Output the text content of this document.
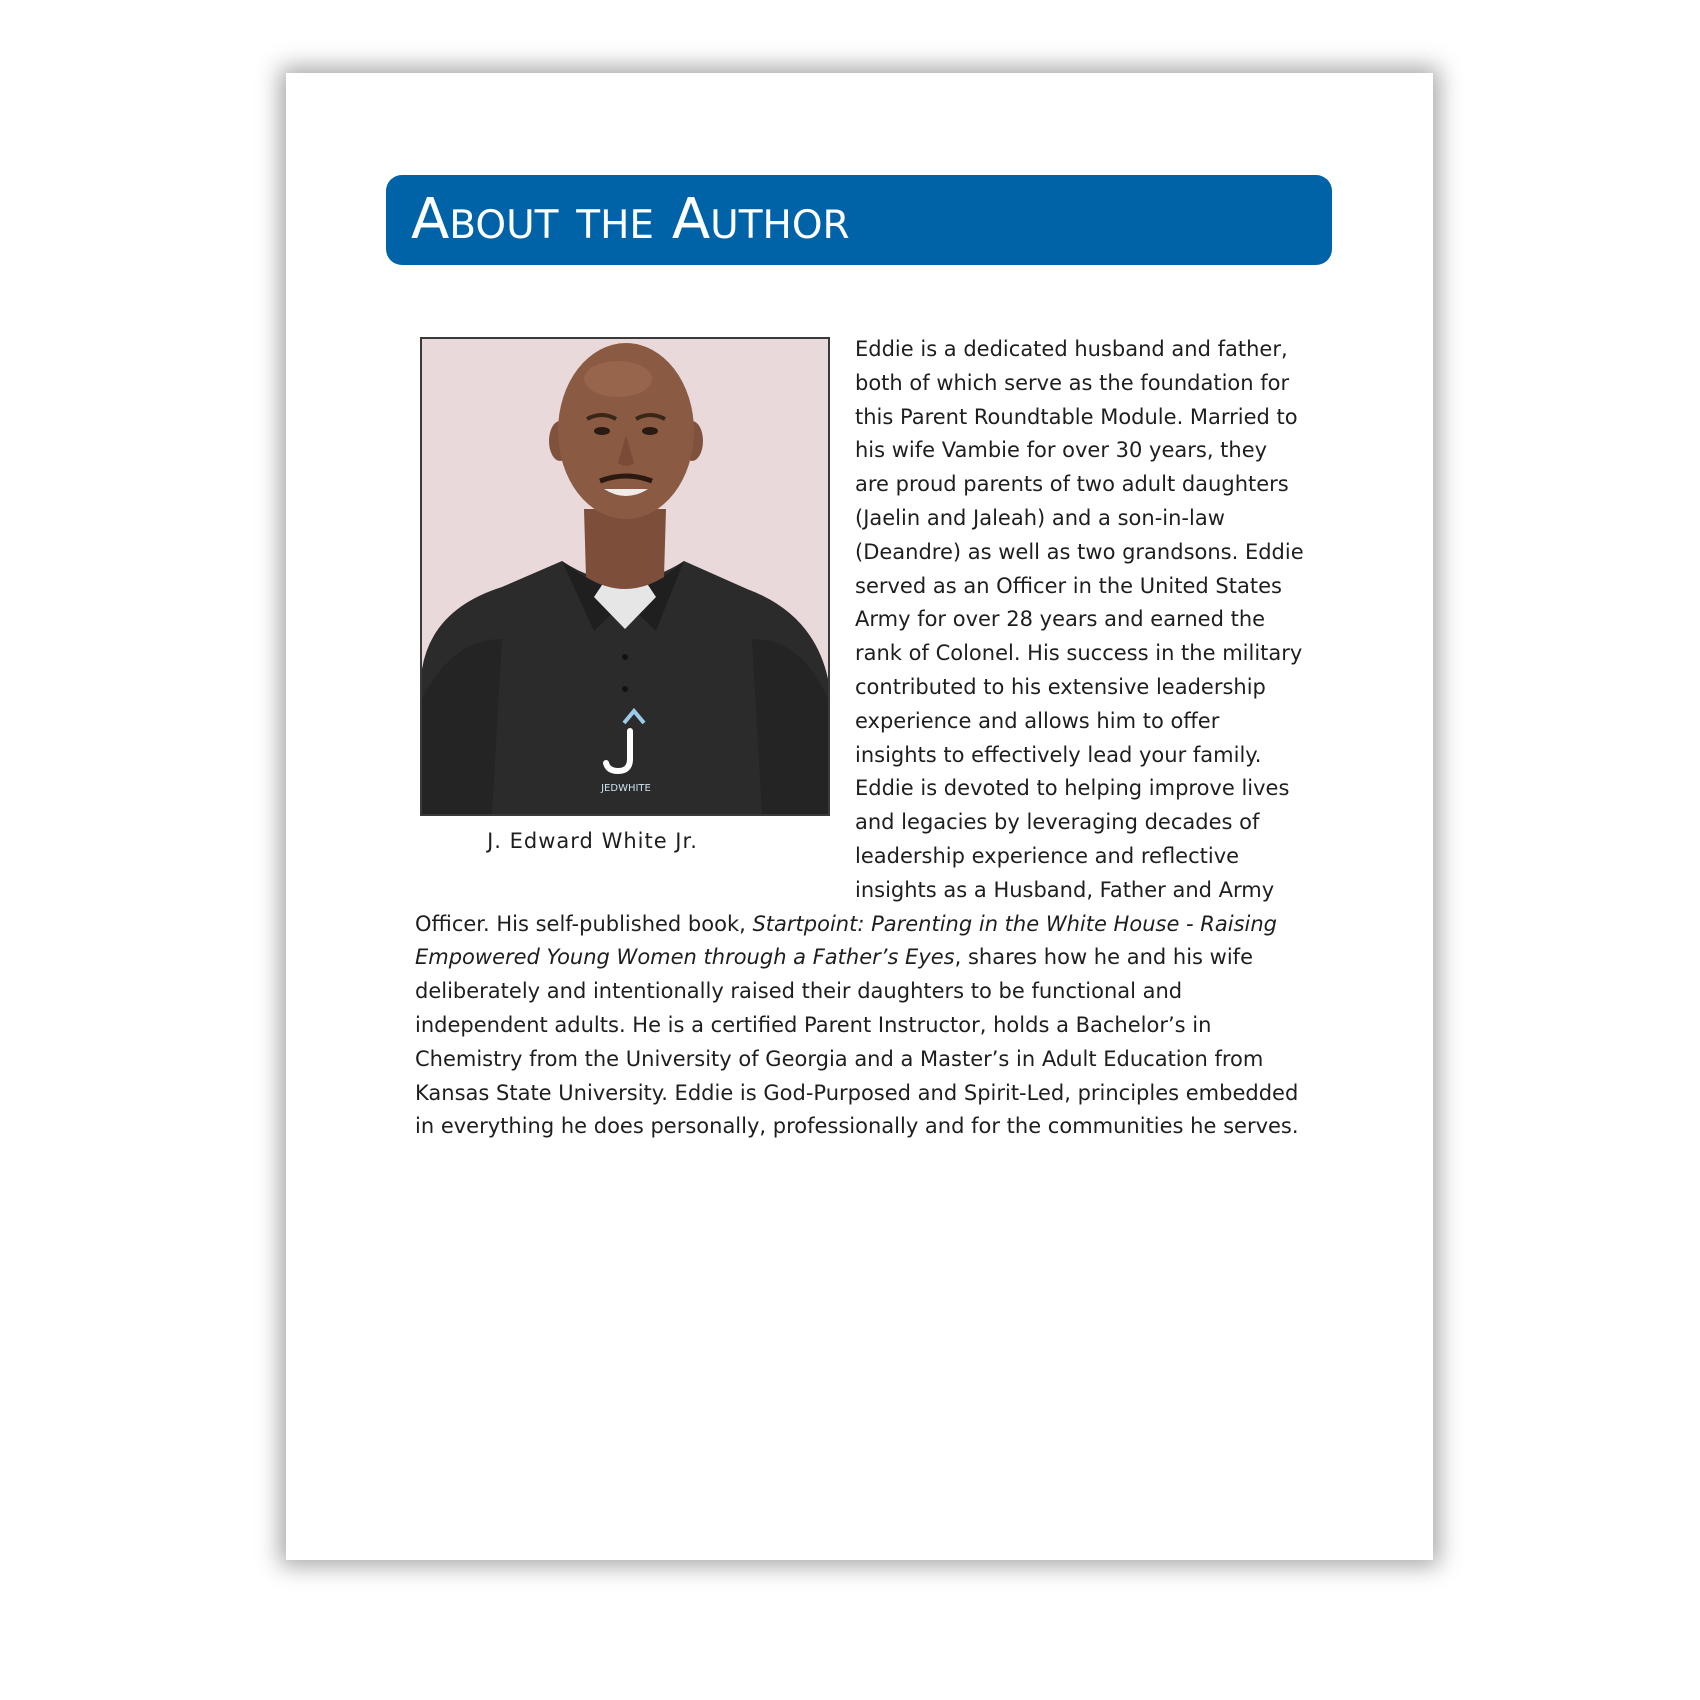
About the Author
JEDWHITE
J. Edward White Jr.

Eddie is a dedicated husband and father, both of which serve as the foundation for this Parent Roundtable Module. Married to his wife Vambie for over 30 years, they are proud parents of two adult daughters (Jaelin and Jaleah) and a son-in-law (Deandre) as well as two grandsons. Eddie served as an Officer in the United States Army for over 28 years and earned the rank of Colonel. His success in the military contributed to his extensive leadership experience and allows him to offer insights to effectively lead your family. Eddie is devoted to helping improve lives and legacies by leveraging decades of leadership experience and reflective insights as a Husband, Father and Army Officer. His self-published book, Startpoint: Parenting in the White House - Raising Empowered Young Women through a Father’s Eyes, shares how he and his wife deliberately and intentionally raised their daughters to be functional and independent adults. He is a certified Parent Instructor, holds a Bachelor’s in Chemistry from the University of Georgia and a Master’s in Adult Education from Kansas State University. Eddie is God-Purposed and Spirit-Led, principles embedded in everything he does personally, professionally and for the communities he serves.
